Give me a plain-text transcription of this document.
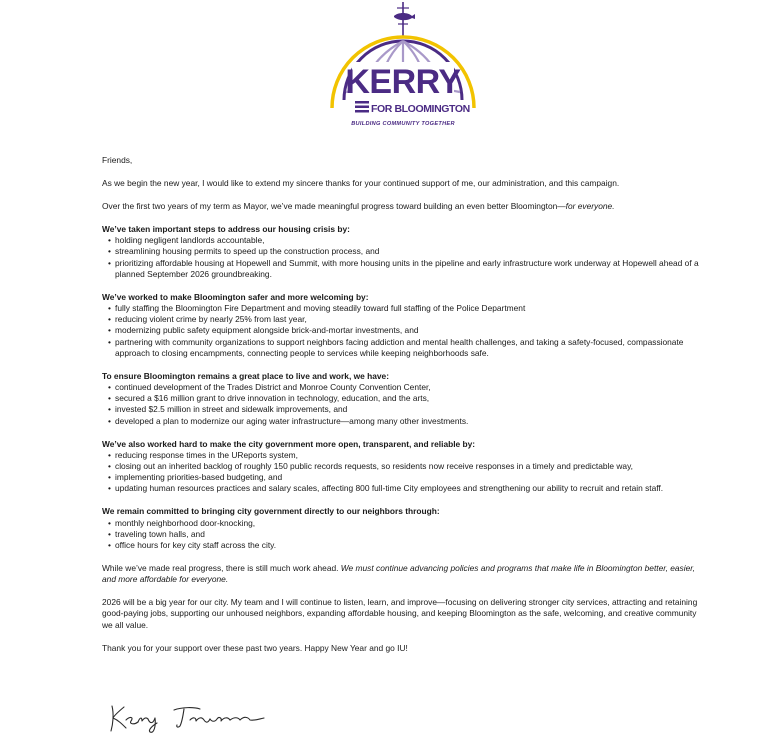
KERRY
FOR BLOOMINGTON
BUILDING COMMUNITY TOGETHER

Friends,

As we begin the new year, I would like to extend my sincere thanks for your continued support of me, our administration, and this campaign.

Over the first two years of my term as Mayor, we’ve made meaningful progress toward building an even better Bloomington—for everyone.

We’ve taken important steps to address our housing crisis by:

• holding negligent landlords accountable,
• streamlining housing permits to speed up the construction process, and
• prioritizing affordable housing at Hopewell and Summit, with more housing units in the pipeline and early infrastructure work underway at Hopewell ahead of a planned September 2026 groundbreaking.

We’ve worked to make Bloomington safer and more welcoming by:

• fully staffing the Bloomington Fire Department and moving steadily toward full staffing of the Police Department
• reducing violent crime by nearly 25% from last year,
• modernizing public safety equipment alongside brick-and-mortar investments, and
• partnering with community organizations to support neighbors facing addiction and mental health challenges, and taking a safety-focused, compassionate approach to closing encampments, connecting people to services while keeping neighborhoods safe.

To ensure Bloomington remains a great place to live and work, we have:

• continued development of the Trades District and Monroe County Convention Center,
• secured a $16 million grant to drive innovation in technology, education, and the arts,
• invested $2.5 million in street and sidewalk improvements, and
• developed a plan to modernize our aging water infrastructure—among many other investments.

We’ve also worked hard to make the city government more open, transparent, and reliable by:

• reducing response times in the UReports system,
• closing out an inherited backlog of roughly 150 public records requests, so residents now receive responses in a timely and predictable way,
• implementing priorities-based budgeting, and
• updating human resources practices and salary scales, affecting 800 full-time City employees and strengthening our ability to recruit and retain staff.

We remain committed to bringing city government directly to our neighbors through:

• monthly neighborhood door-knocking,
• traveling town halls, and
• office hours for key city staff across the city.

While we’ve made real progress, there is still much work ahead. We must continue advancing policies and programs that make life in Bloomington better, easier, and more affordable for everyone.

2026 will be a big year for our city. My team and I will continue to listen, learn, and improve—focusing on delivering stronger city services, attracting and retaining good-paying jobs, supporting our unhoused neighbors, expanding affordable housing, and keeping Bloomington as the safe, welcoming, and creative community we all value.

Thank you for your support over these past two years. Happy New Year and go IU!
